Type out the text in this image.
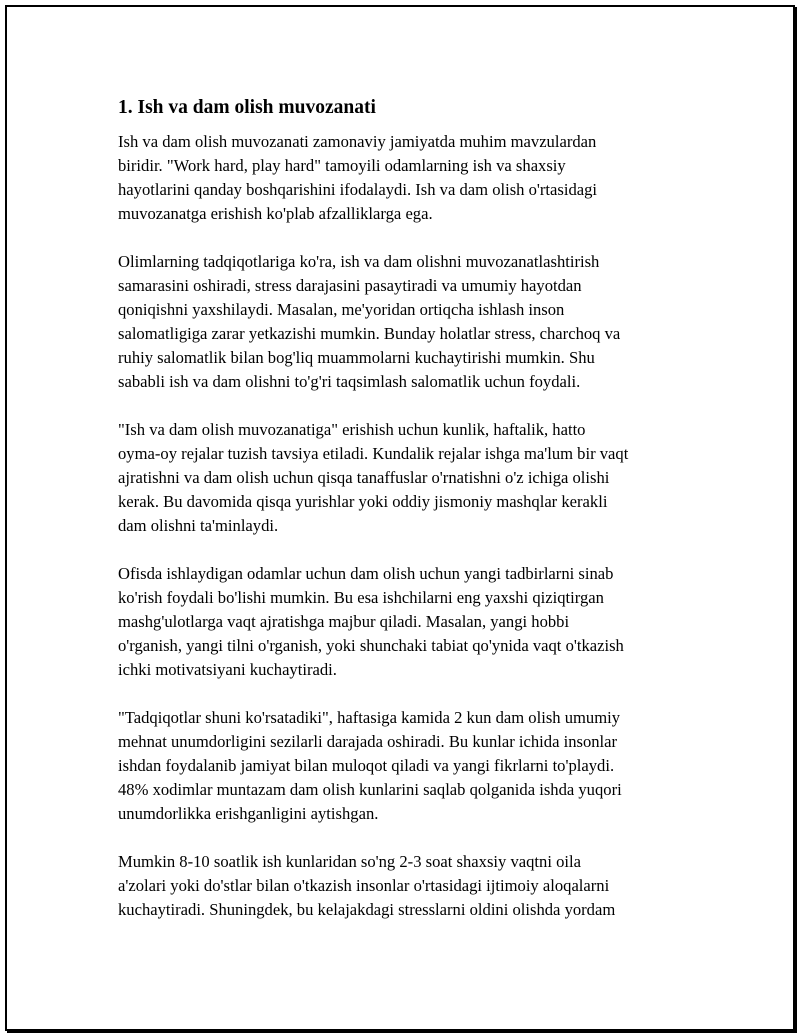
1. Ish va dam olish muvozanati
Ish va dam olish muvozanati zamonaviy jamiyatda muhim mavzulardan
biridir. "Work hard, play hard" tamoyili odamlarning ish va shaxsiy
hayotlarini qanday boshqarishini ifodalaydi. Ish va dam olish o'rtasidagi
muvozanatga erishish ko'plab afzalliklarga ega.
Olimlarning tadqiqotlariga ko'ra, ish va dam olishni muvozanatlashtirish
samarasini oshiradi, stress darajasini pasaytiradi va umumiy hayotdan
qoniqishni yaxshilaydi. Masalan, me'yoridan ortiqcha ishlash inson
salomatligiga zarar yetkazishi mumkin. Bunday holatlar stress, charchoq va
ruhiy salomatlik bilan bog'liq muammolarni kuchaytirishi mumkin. Shu
sababli ish va dam olishni to'g'ri taqsimlash salomatlik uchun foydali.
"Ish va dam olish muvozanatiga" erishish uchun kunlik, haftalik, hatto
oyma-oy rejalar tuzish tavsiya etiladi. Kundalik rejalar ishga ma'lum bir vaqt
ajratishni va dam olish uchun qisqa tanaffuslar o'rnatishni o'z ichiga olishi
kerak. Bu davomida qisqa yurishlar yoki oddiy jismoniy mashqlar kerakli
dam olishni ta'minlaydi.
Ofisda ishlaydigan odamlar uchun dam olish uchun yangi tadbirlarni sinab
ko'rish foydali bo'lishi mumkin. Bu esa ishchilarni eng yaxshi qiziqtirgan
mashg'ulotlarga vaqt ajratishga majbur qiladi. Masalan, yangi hobbi
o'rganish, yangi tilni o'rganish, yoki shunchaki tabiat qo'ynida vaqt o'tkazish
ichki motivatsiyani kuchaytiradi.
"Tadqiqotlar shuni ko'rsatadiki", haftasiga kamida 2 kun dam olish umumiy
mehnat unumdorligini sezilarli darajada oshiradi. Bu kunlar ichida insonlar
ishdan foydalanib jamiyat bilan muloqot qiladi va yangi fikrlarni to'playdi.
48% xodimlar muntazam dam olish kunlarini saqlab qolganida ishda yuqori
unumdorlikka erishganligini aytishgan.
Mumkin 8-10 soatlik ish kunlaridan so'ng 2-3 soat shaxsiy vaqtni oila
a'zolari yoki do'stlar bilan o'tkazish insonlar o'rtasidagi ijtimoiy aloqalarni
kuchaytiradi. Shuningdek, bu kelajakdagi stresslarni oldini olishda yordam
